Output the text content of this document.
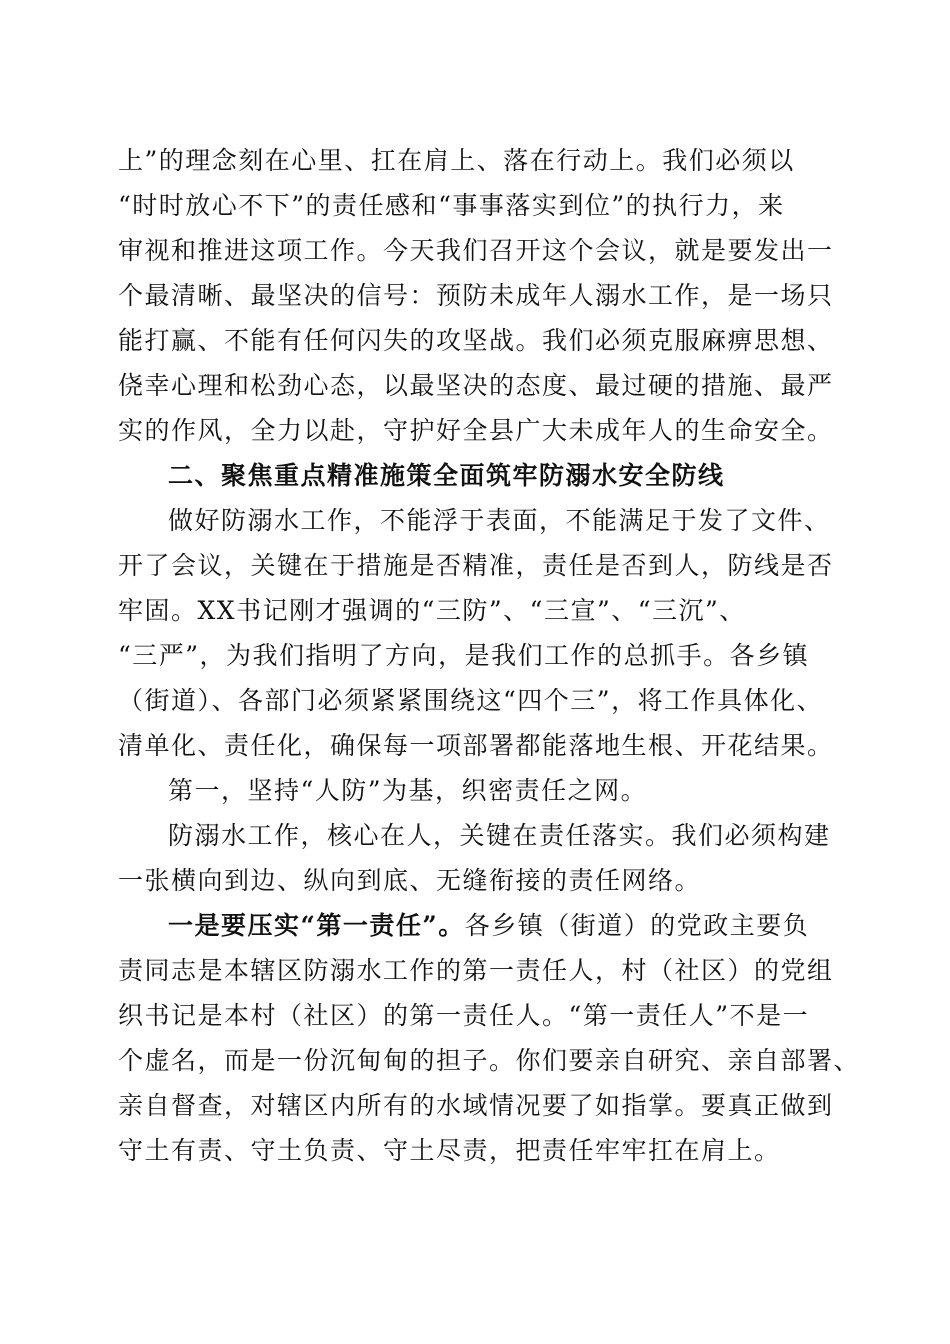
上”的理念刻在心里、扛在肩上、落在行动上。我们必须以
“时时放心不下”的责任感和“事事落实到位”的执行力，来
审视和推进这项工作。今天我们召开这个会议，就是要发出一
个最清晰、最坚决的信号：预防未成年人溺水工作，是一场只
能打赢、不能有任何闪失的攻坚战。我们必须克服麻痹思想、
侥幸心理和松劲心态，以最坚决的态度、最过硬的措施、最严
实的作风，全力以赴，守护好全县广大未成年人的生命安全。
二、聚焦重点精准施策全面筑牢防溺水安全防线
做好防溺水工作，不能浮于表面，不能满足于发了文件、
开了会议，关键在于措施是否精准，责任是否到人，防线是否
牢固。XX书记刚才强调的“三防”、“三宣”、“三沉”、
“三严”，为我们指明了方向，是我们工作的总抓手。各乡镇
（街道）、各部门必须紧紧围绕这“四个三”，将工作具体化、
清单化、责任化，确保每一项部署都能落地生根、开花结果。
第一，坚持“人防”为基，织密责任之网。
防溺水工作，核心在人，关键在责任落实。我们必须构建
一张横向到边、纵向到底、无缝衔接的责任网络。
一是要压实“第一责任”。各乡镇（街道）的党政主要负
责同志是本辖区防溺水工作的第一责任人，村（社区）的党组
织书记是本村（社区）的第一责任人。“第一责任人”不是一
个虚名，而是一份沉甸甸的担子。你们要亲自研究、亲自部署、
亲自督查，对辖区内所有的水域情况要了如指掌。要真正做到
守土有责、守土负责、守土尽责，把责任牢牢扛在肩上。
